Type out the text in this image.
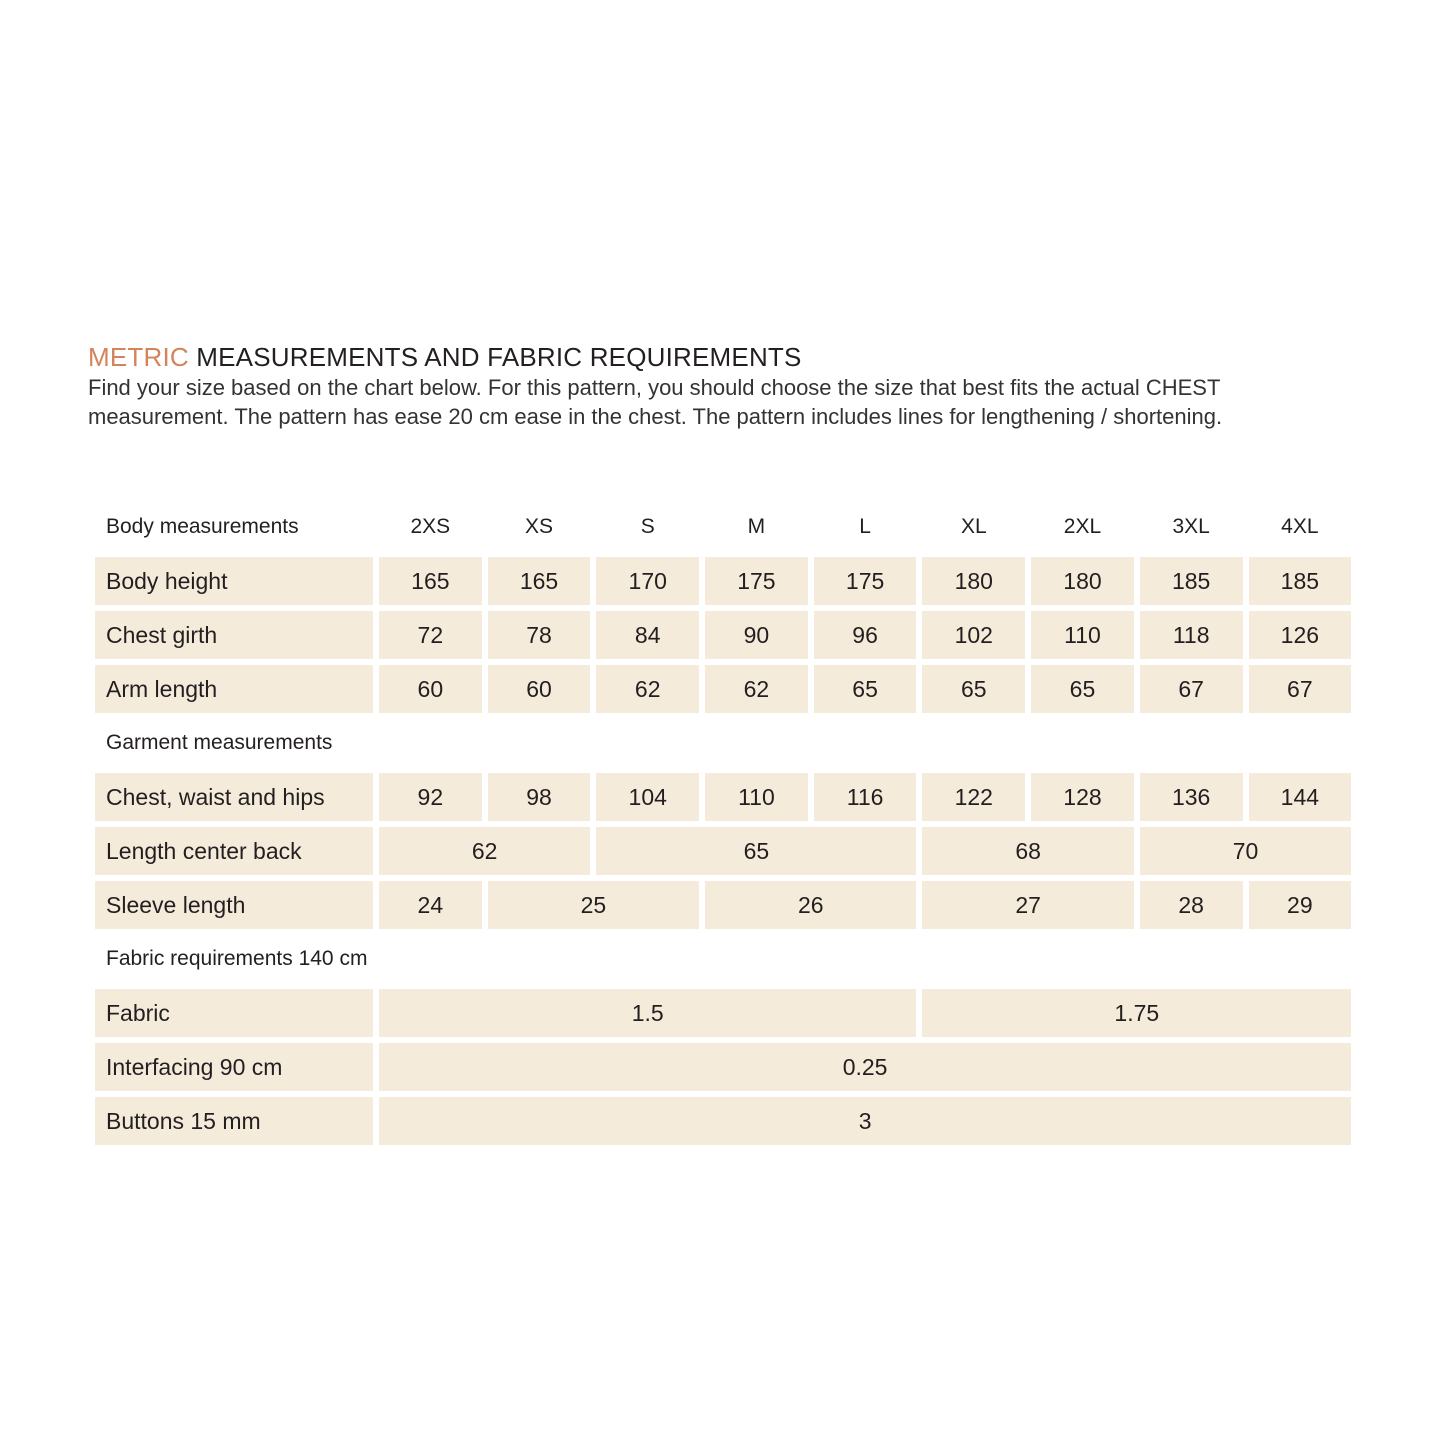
METRIC MEASUREMENTS AND FABRIC REQUIREMENTS
Find your size based on the chart below. For this pattern, you should choose the size that best fits the actual CHEST measurement. The pattern has ease 20 cm ease in the chest. The pattern includes lines for lengthening / shortening.
Body measurements	2XS	XS	S	M	L	XL	2XL	3XL	4XL
Body height	165	165	170	175	175	180	180	185	185
Chest girth	72	78	84	90	96	102	110	118	126
Arm length	60	60	62	62	65	65	65	67	67
Garment measurements
Chest, waist and hips	92	98	104	110	116	122	128	136	144
Length center back	62	65	68	70
Sleeve length	24	25	26	27	28	29
Fabric requirements 140 cm
Fabric	1.5	1.75
Interfacing 90 cm	0.25
Buttons 15 mm	3
